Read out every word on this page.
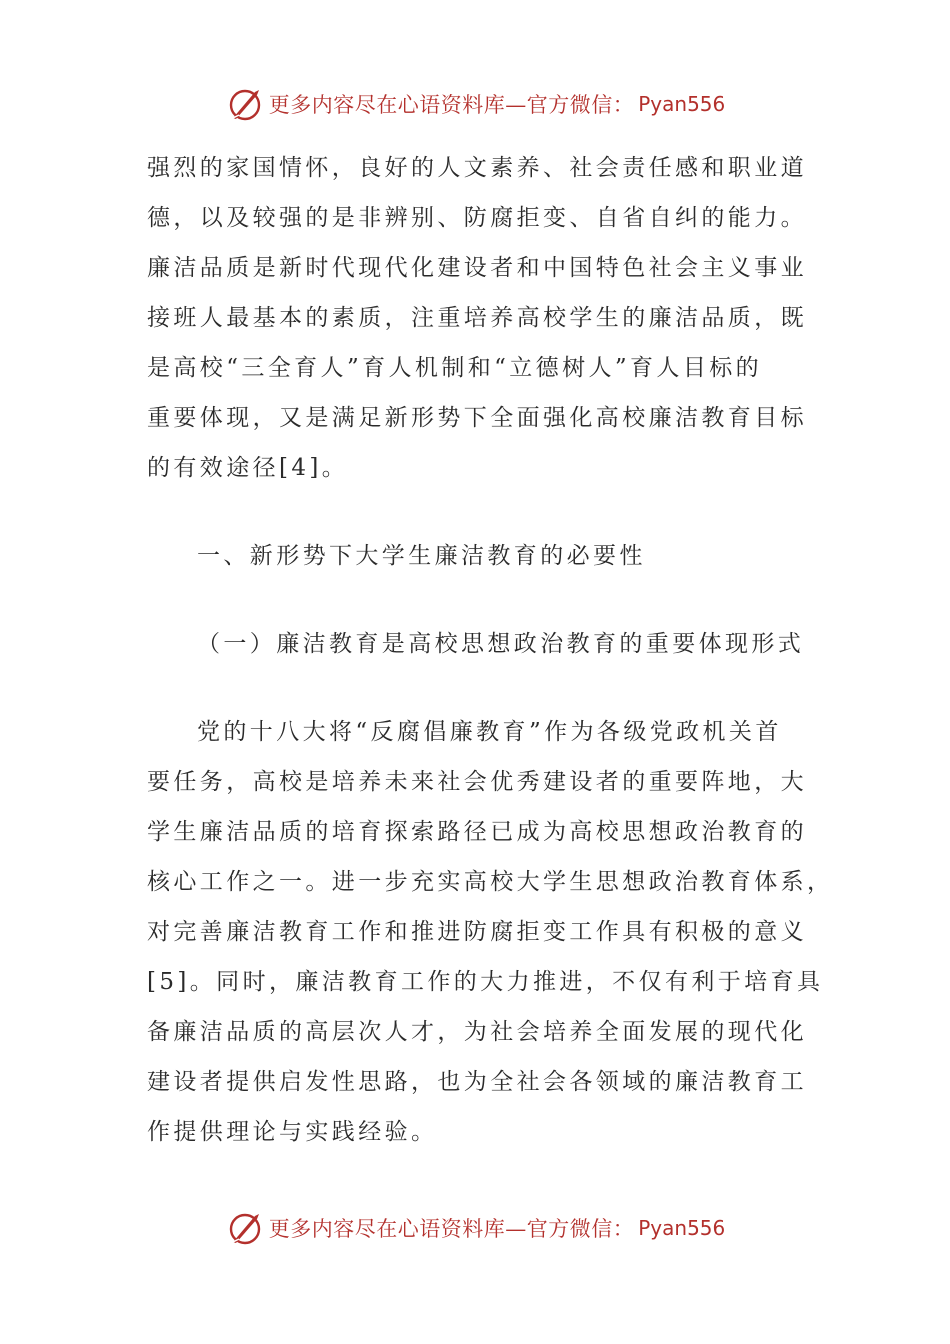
更多内容尽在心语资料库—官方微信： Pyan556
强烈的家国情怀，良好的人文素养、社会责任感和职业道
德，以及较强的是非辨别、防腐拒变、自省自纠的能力。
廉洁品质是新时代现代化建设者和中国特色社会主义事业
接班人最基本的素质，注重培养高校学生的廉洁品质，既
是高校“三全育人”育人机制和“立德树人”育人目标的
重要体现，又是满足新形势下全面强化高校廉洁教育目标
的有效途径[4]。
一、新形势下大学生廉洁教育的必要性
（一）廉洁教育是高校思想政治教育的重要体现形式
党的十八大将“反腐倡廉教育”作为各级党政机关首
要任务，高校是培养未来社会优秀建设者的重要阵地，大
学生廉洁品质的培育探索路径已成为高校思想政治教育的
核心工作之一。进一步充实高校大学生思想政治教育体系，
对完善廉洁教育工作和推进防腐拒变工作具有积极的意义
[5]。同时，廉洁教育工作的大力推进，不仅有利于培育具
备廉洁品质的高层次人才，为社会培养全面发展的现代化
建设者提供启发性思路，也为全社会各领域的廉洁教育工
作提供理论与实践经验。
更多内容尽在心语资料库—官方微信： Pyan556
